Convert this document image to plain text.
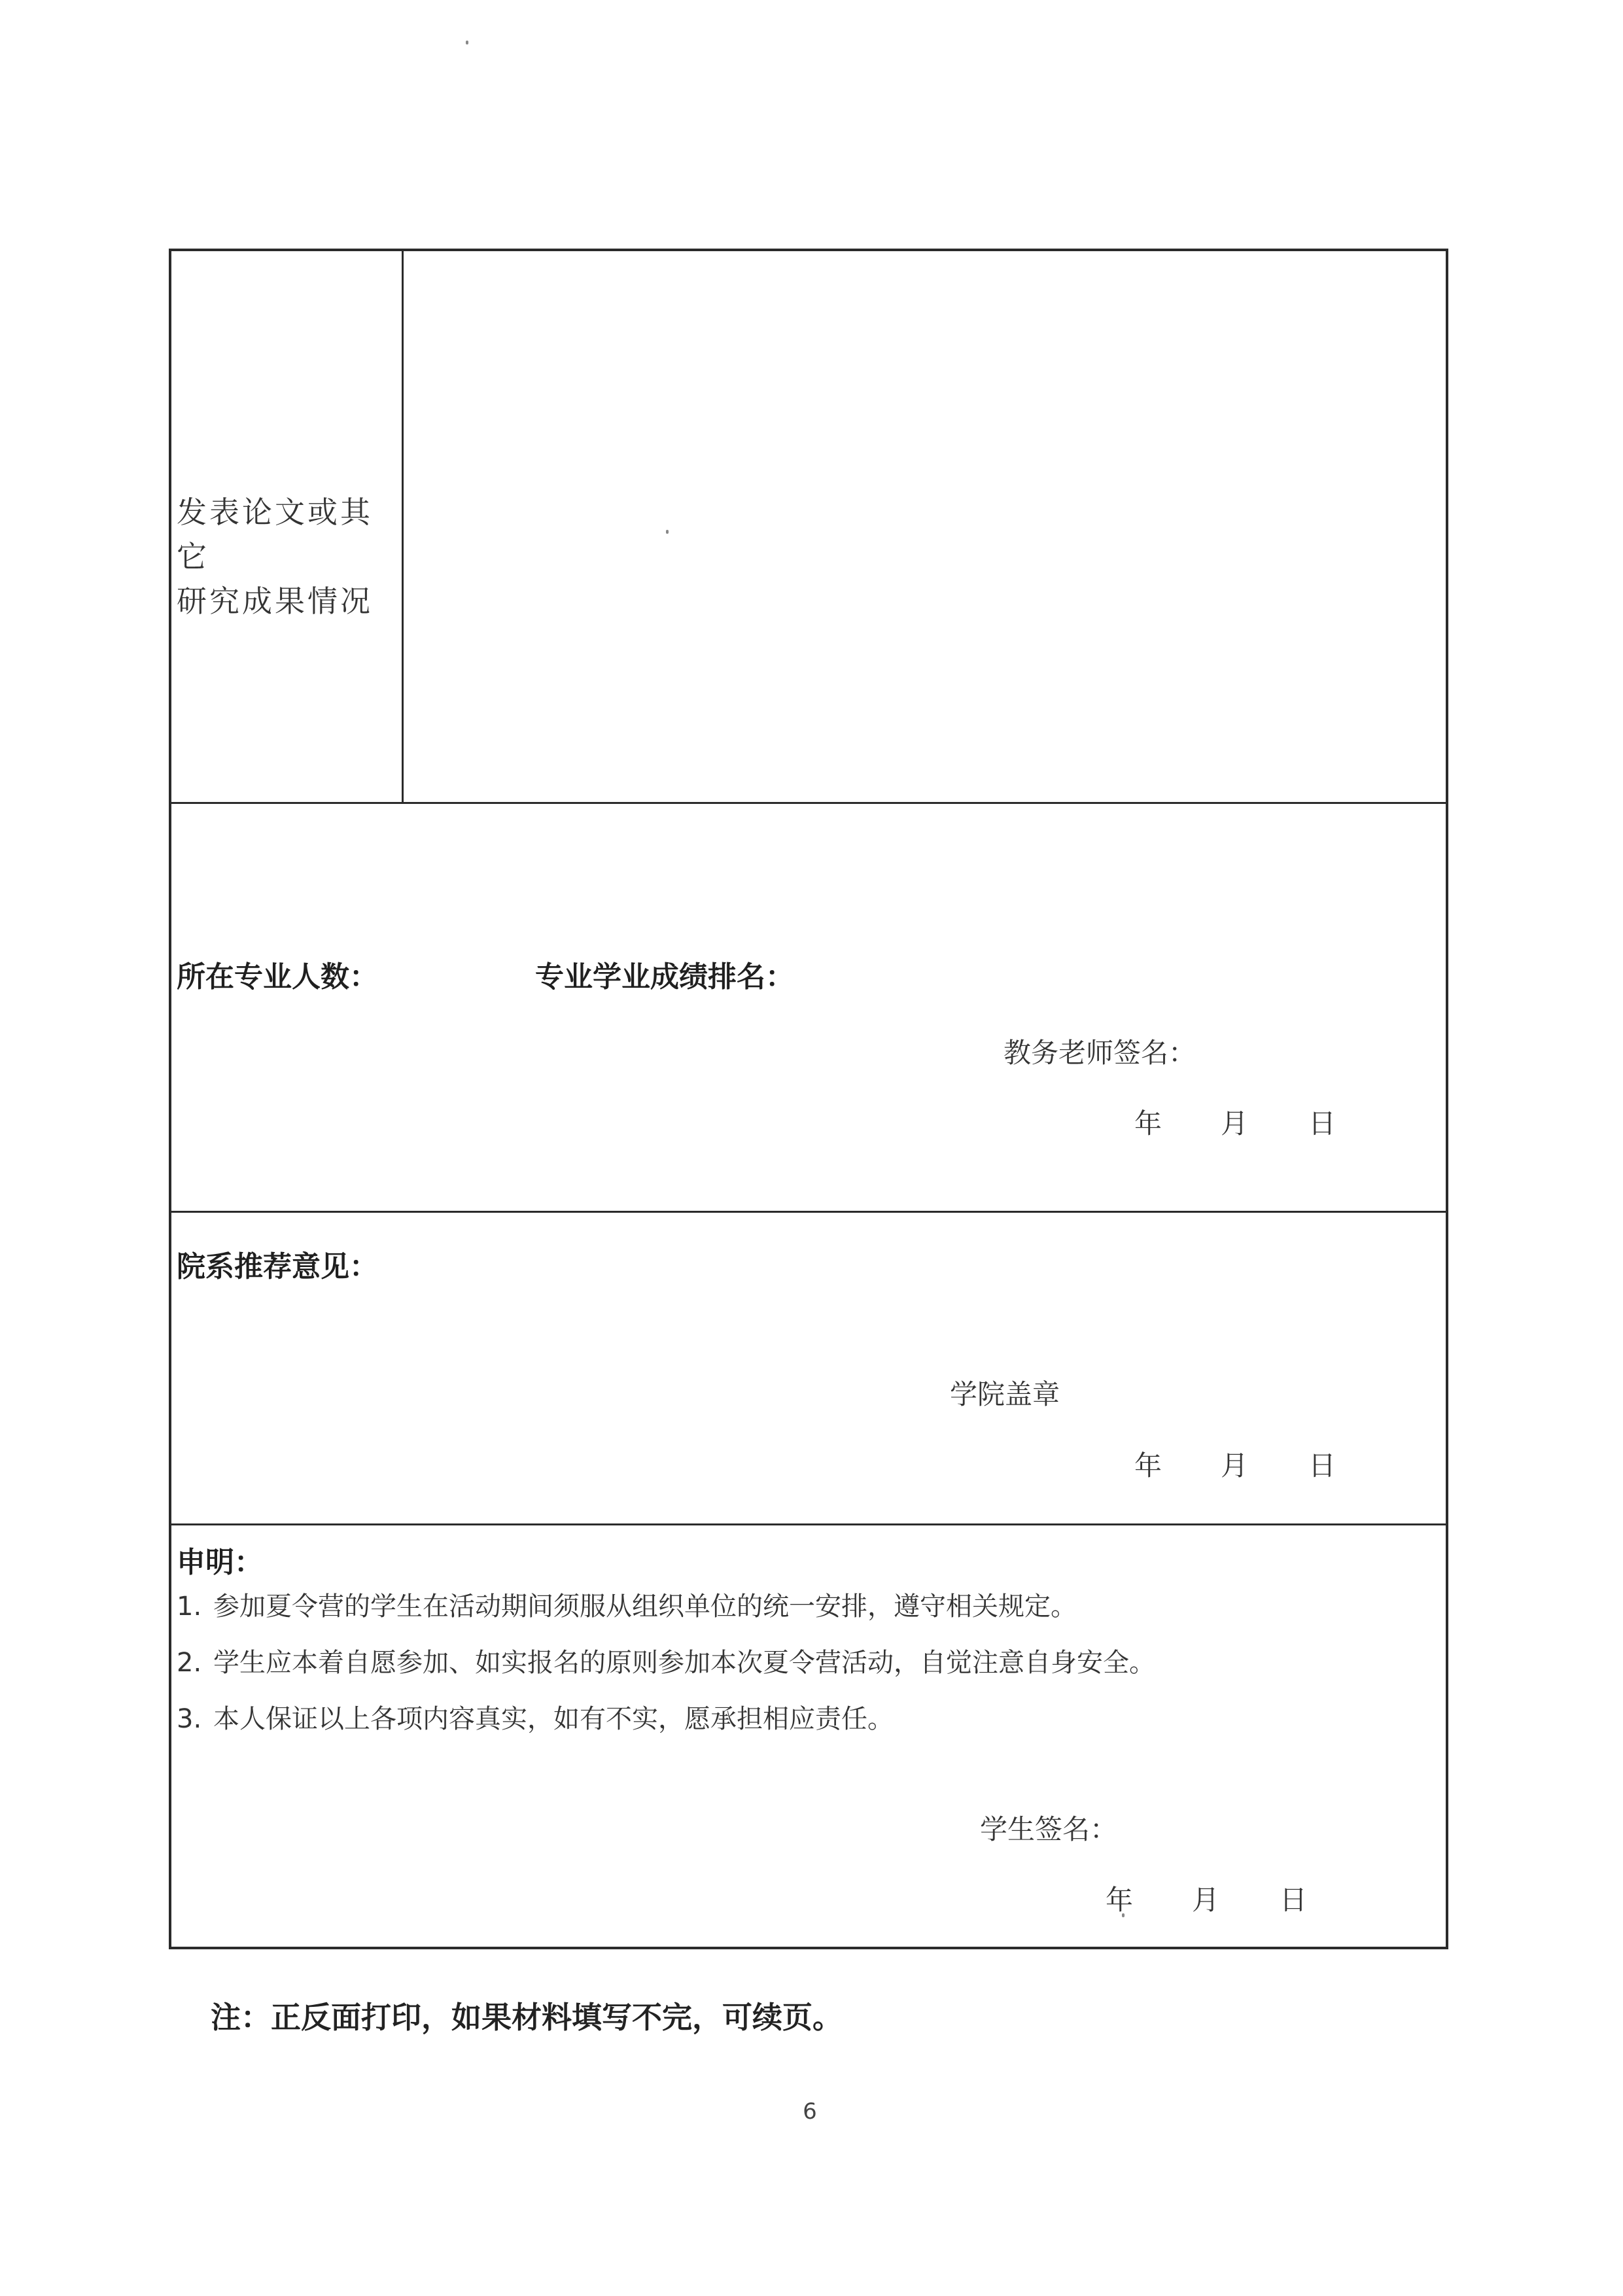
发表论文或其它
研究成果情况
所在专业人数：	专业学业成绩排名：
教务老师签名：
年 月 日
院系推荐意见：
学院盖章
年 月 日
申明：
1. 参加夏令营的学生在活动期间须服从组织单位的统一安排，遵守相关规定。
2. 学生应本着自愿参加、如实报名的原则参加本次夏令营活动，自觉注意自身安全。
3. 本人保证以上各项内容真实，如有不实，愿承担相应责任。
学生签名：
年 月 日
注：正反面打印，如果材料填写不完，可续页。
6
